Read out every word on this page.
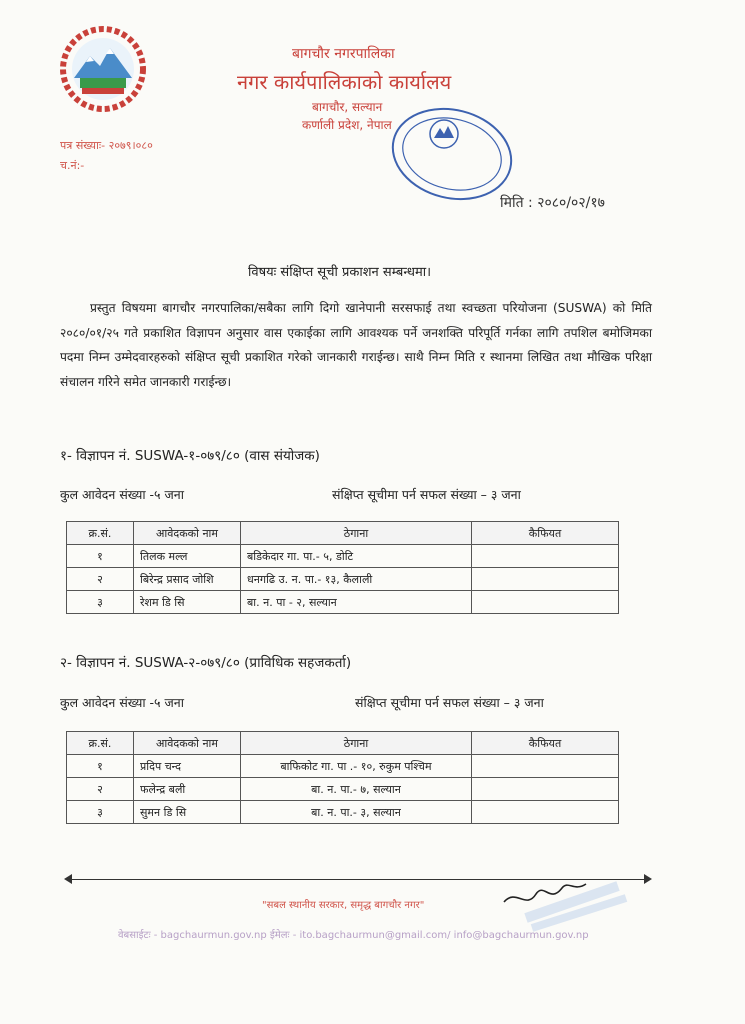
बागचौर नगरपालिका
नगर कार्यपालिकाको कार्यालय
बागचौर, सल्यान
कर्णाली प्रदेश, नेपाल
पत्र संख्याः- २०७९।०८०
च.नं:-
मिति : २०८०/०२/१७
विषयः संक्षिप्त सूची प्रकाशन सम्बन्धमा।
प्रस्तुत विषयमा बागचौर नगरपालिका/सबैका लागि दिगो खानेपानी सरसफाई तथा स्वच्छता परियोजना (SUSWA) को मिति २०८०/०१/२५ गते प्रकाशित विज्ञापन अनुसार वास एकाईका लागि आवश्यक पर्ने जनशक्ति परिपूर्ति गर्नका लागि तपशिल बमोजिमका पदमा निम्न उम्मेदवारहरुको संक्षिप्त सूची प्रकाशित गरेको जानकारी गराईन्छ। साथै निम्न मिति र स्थानमा लिखित तथा मौखिक परिक्षा संचालन गरिने समेत जानकारी गराईन्छ।
१- विज्ञापन नं. SUSWA-१-०७९/८० (वास संयोजक)
कुल आवेदन संख्या -५ जना	संक्षिप्त सूचीमा पर्न सफल संख्या – ३ जना
क्र.सं.	आवेदकको नाम	ठेगाना	कैफियत
१	तिलक मल्ल	बडिकेदार गा. पा.- ५, डोटि	
२	बिरेन्द्र प्रसाद जोशि	धनगढि उ. न. पा.- १३, कैलाली	
३	रेशम डि सि	बा. न. पा - २, सल्यान	
२- विज्ञापन नं. SUSWA-२-०७९/८० (प्राविधिक सहजकर्ता)
कुल आवेदन संख्या -५ जना	संक्षिप्त सूचीमा पर्न सफल संख्या – ३ जना
क्र.सं.	आवेदकको नाम	ठेगाना	कैफियत
१	प्रदिप चन्द	बाफिकोट गा. पा .- १०, रुकुम पश्चिम	
२	फलेन्द्र बली	बा. न. पा.- ७, सल्यान	
३	सुमन डि सि	बा. न. पा.- ३, सल्यान	
"सबल स्थानीय सरकार, समृद्ध बागचौर नगर"
वेबसाईटः - bagchaurmun.gov.np ईमेलः - ito.bagchaurmun@gmail.com/ info@bagchaurmun.gov.np
